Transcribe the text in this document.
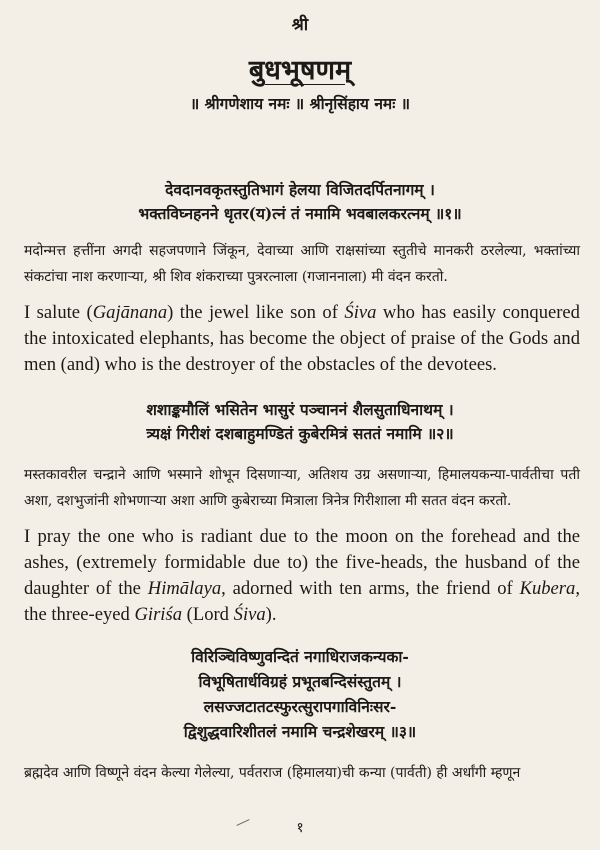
श्री
बुधभूषणम्
॥ श्रीगणेशाय नमः ॥ श्रीनृसिंहाय नमः ॥
देवदानवकृतस्तुतिभागं हेलया विजितदर्पितनागम् ।
भक्तविघ्नहनने धृतर(य)त्नं तं नमामि भवबालकरत्नम् ॥१॥
मदोन्मत्त हत्तींना अगदी सहजपणाने जिंकून, देवाच्या आणि राक्षसांच्या स्तुतीचे मानकरी ठरलेल्या, भक्तांच्या संकटांचा नाश करणाऱ्या, श्री शिव शंकराच्या पुत्ररत्नाला (गजाननाला) मी वंदन करतो.
I salute (Gajānana) the jewel like son of Śiva who has easily conquered the intoxicated elephants, has become the object of praise of the Gods and men (and) who is the destroyer of the obstacles of the devotees.
शशाङ्कमौलिं भसितेन भासुरं पञ्चाननं शैलसुताधिनाथम् ।
त्र्यक्षं गिरीशं दशबाहुमण्डितं कुबेरमित्रं सततं नमामि ॥२॥
मस्तकावरील चन्द्राने आणि भस्माने शोभून दिसणाऱ्या, अतिशय उग्र असणाऱ्या, हिमालयकन्या-पार्वतीचा पती अशा, दशभुजांनी शोभणाऱ्या अशा आणि कुबेराच्या मित्राला त्रिनेत्र गिरीशाला मी सतत वंदन करतो.
I pray the one who is radiant due to the moon on the forehead and the ashes, (extremely formidable due to) the five-heads, the husband of the daughter of the Himālaya, adorned with ten arms, the friend of Kubera, the three-eyed Giriśa (Lord Śiva).
विरिञ्चिविष्णुवन्दितं नगाधिराजकन्यका-
विभूषितार्धविग्रहं प्रभूतबन्दिसंस्तुतम् ।
लसज्जटातटस्फुरत्सुरापगाविनिःसर-
द्विशुद्धवारिशीतलं नमामि चन्द्रशेखरम् ॥३॥
ब्रह्मदेव आणि विष्णूने वंदन केल्या गेलेल्या, पर्वतराज (हिमालया)ची कन्या (पार्वती) ही अर्धांगी म्हणून
१
